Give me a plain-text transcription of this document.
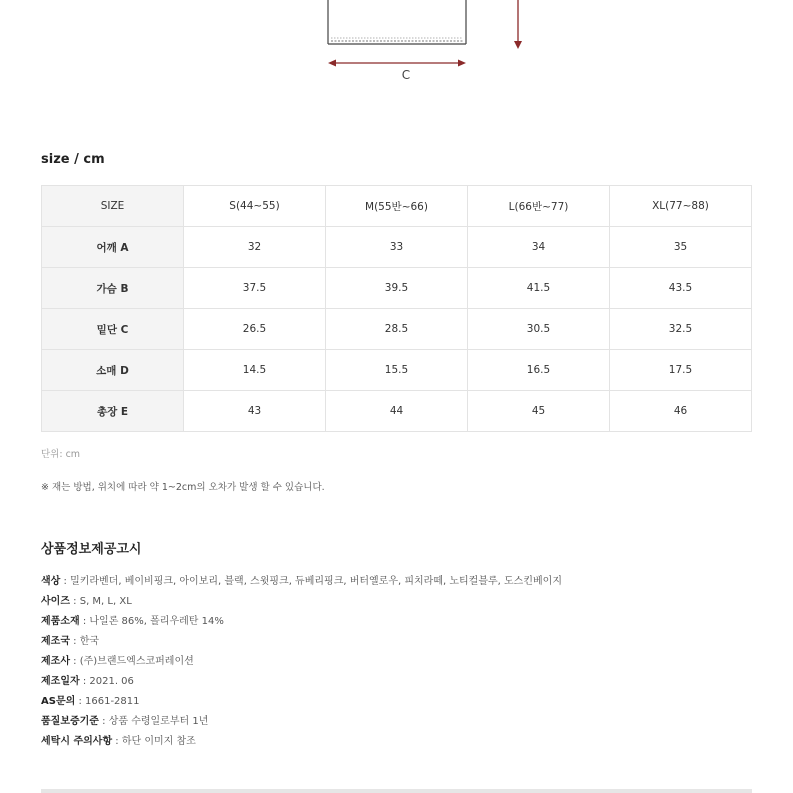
C
size / cm
SIZE	S(44~55)	M(55반~66)	L(66반~77)	XL(77~88)
어깨 A	32	33	34	35
가슴 B	37.5	39.5	41.5	43.5
밑단 C	26.5	28.5	30.5	32.5
소매 D	14.5	15.5	16.5	17.5
총장 E	43	44	45	46
단위: cm
※ 재는 방법, 위치에 따라 약 1~2cm의 오차가 발생 할 수 있습니다.
상품정보제공고시
색상 : 밀키라벤더, 베이비핑크, 아이보리, 블랙, 스윗핑크, 듀베리핑크, 버터옐로우, 피치라떼, 노티컬블루, 도스킨베이지
사이즈 : S, M, L, XL
제품소재 : 나일론 86%, 폴리우레탄 14%
제조국 : 한국
제조사 : (주)브랜드엑스코퍼레이션
제조일자 : 2021. 06
AS문의 : 1661-2811
품질보증기준 : 상품 수령일로부터 1년
세탁시 주의사항 : 하단 이미지 참조
